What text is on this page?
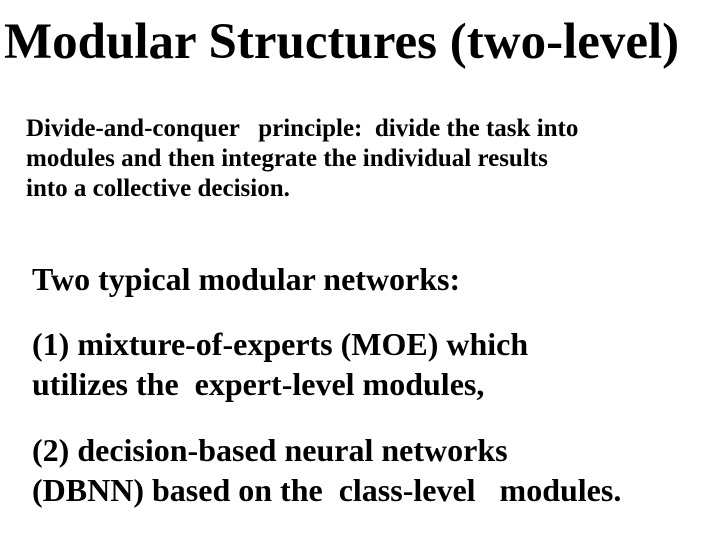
Modular Structures (two-level)
Divide-and-conquer   principle:  divide the task into
modules and then integrate the individual results
into a collective decision.
Two typical modular networks:
(1) mixture-of-experts (MOE) which
utilizes the  expert-level modules,
(2) decision-based neural networks
(DBNN) based on the  class-level   modules.
